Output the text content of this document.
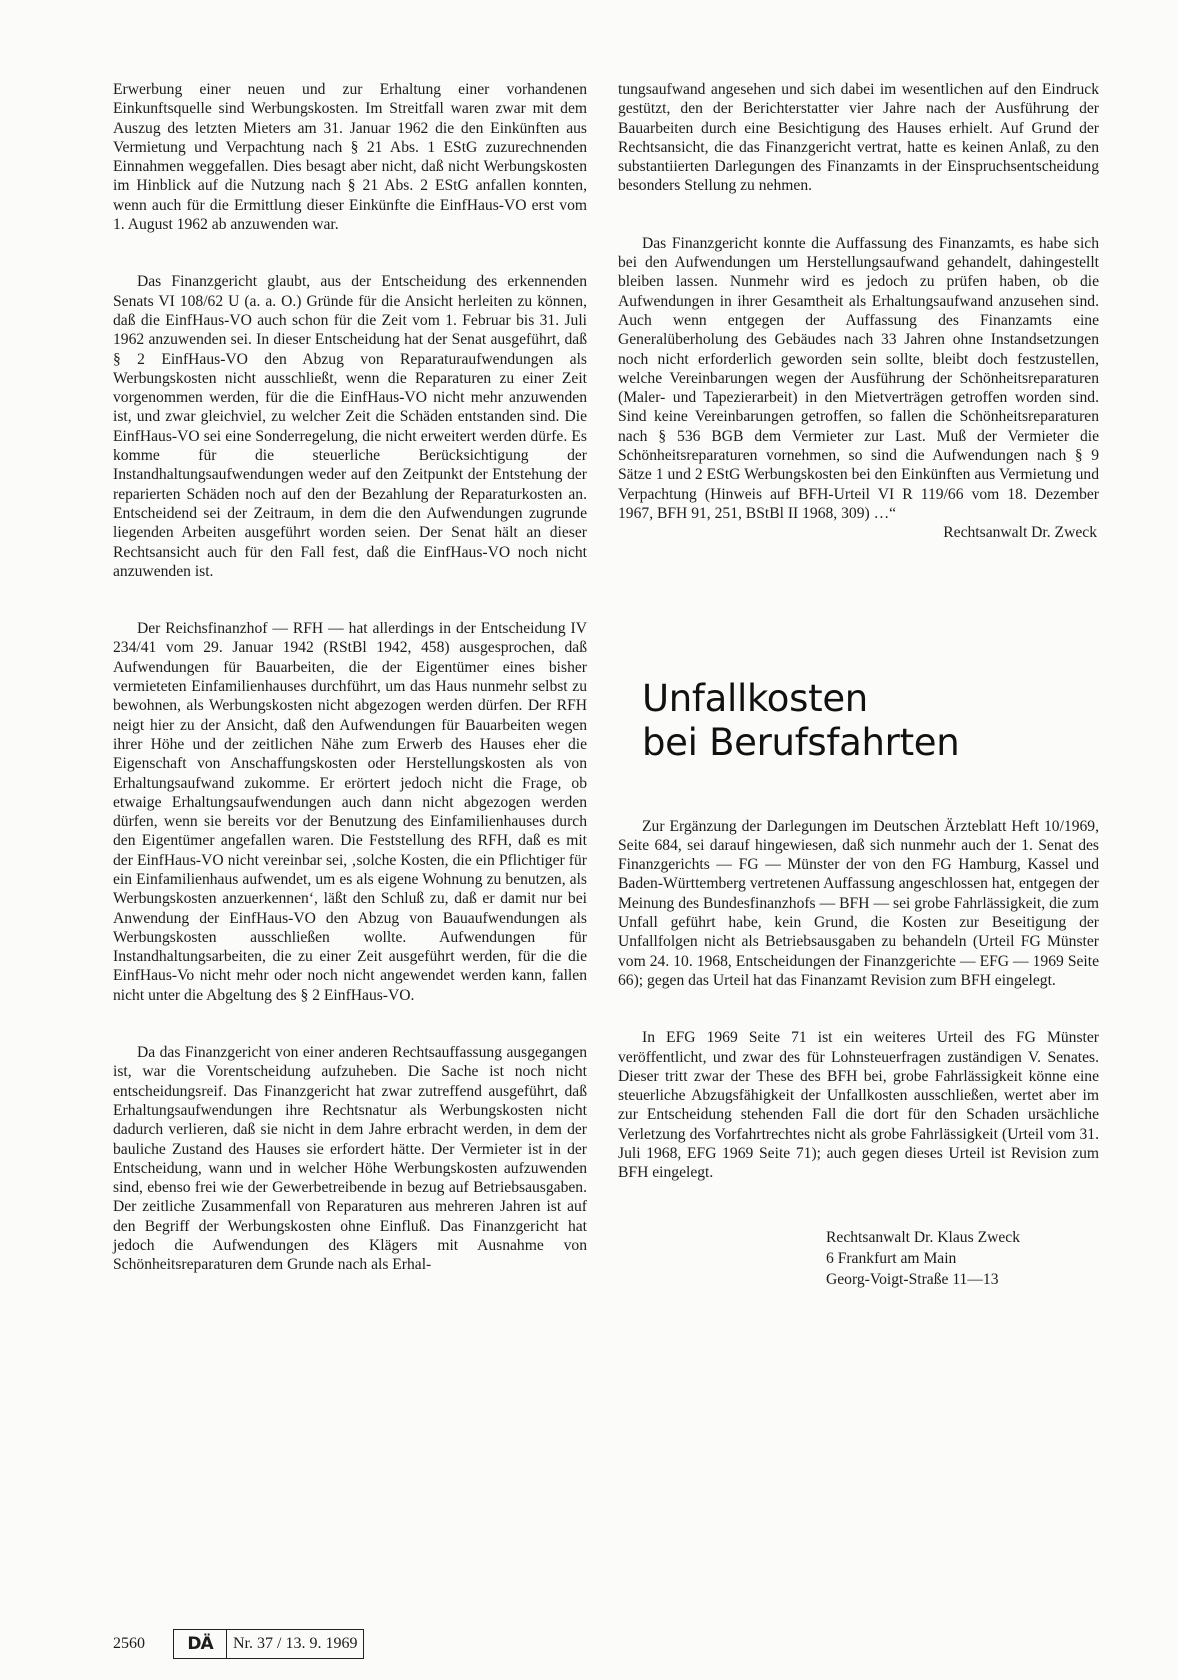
Erwerbung einer neuen und zur Erhaltung einer vorhandenen Einkunftsquelle sind Werbungskosten. Im Streitfall waren zwar mit dem Auszug des letzten Mieters am 31. Januar 1962 die den Einkünften aus Vermietung und Verpachtung nach § 21 Abs. 1 EStG zuzurechnenden Einnahmen weggefallen. Dies besagt aber nicht, daß nicht Werbungskosten im Hinblick auf die Nutzung nach § 21 Abs. 2 EStG anfallen konnten, wenn auch für die Ermittlung dieser Einkünfte die EinfHaus-VO erst vom 1. August 1962 ab anzuwenden war.

Das Finanzgericht glaubt, aus der Entscheidung des erkennenden Senats VI 108/62 U (a. a. O.) Gründe für die Ansicht herleiten zu können, daß die EinfHaus-VO auch schon für die Zeit vom 1. Februar bis 31. Juli 1962 anzuwenden sei. In dieser Entscheidung hat der Senat ausgeführt, daß § 2 EinfHaus-VO den Abzug von Reparaturaufwendungen als Werbungskosten nicht ausschließt, wenn die Reparaturen zu einer Zeit vorgenommen werden, für die die EinfHaus-VO nicht mehr anzuwenden ist, und zwar gleichviel, zu welcher Zeit die Schäden entstanden sind. Die EinfHaus-VO sei eine Sonderregelung, die nicht erweitert werden dürfe. Es komme für die steuerliche Berücksichtigung der Instandhaltungsaufwendungen weder auf den Zeitpunkt der Entstehung der reparierten Schäden noch auf den der Bezahlung der Reparaturkosten an. Entscheidend sei der Zeitraum, in dem die den Aufwendungen zugrunde liegenden Arbeiten ausgeführt worden seien. Der Senat hält an dieser Rechtsansicht auch für den Fall fest, daß die EinfHaus-VO noch nicht anzuwenden ist.

Der Reichsfinanzhof — RFH — hat allerdings in der Entscheidung IV 234/41 vom 29. Januar 1942 (RStBl 1942, 458) ausgesprochen, daß Aufwendungen für Bauarbeiten, die der Eigentümer eines bisher vermieteten Einfamilienhauses durchführt, um das Haus nunmehr selbst zu bewohnen, als Werbungskosten nicht abgezogen werden dürfen. Der RFH neigt hier zu der Ansicht, daß den Aufwendungen für Bauarbeiten wegen ihrer Höhe und der zeitlichen Nähe zum Erwerb des Hauses eher die Eigenschaft von Anschaffungskosten oder Herstellungskosten als von Erhaltungsaufwand zukomme. Er erörtert jedoch nicht die Frage, ob etwaige Erhaltungsaufwendungen auch dann nicht abgezogen werden dürfen, wenn sie bereits vor der Benutzung des Einfamilienhauses durch den Eigentümer angefallen waren. Die Feststellung des RFH, daß es mit der EinfHaus-VO nicht vereinbar sei, ‚solche Kosten, die ein Pflichtiger für ein Einfamilienhaus aufwendet, um es als eigene Wohnung zu benutzen, als Werbungskosten anzuerkennen‘, läßt den Schluß zu, daß er damit nur bei Anwendung der EinfHaus-VO den Abzug von Bauaufwendungen als Werbungskosten ausschließen wollte. Aufwendungen für Instandhaltungsarbeiten, die zu einer Zeit ausgeführt werden, für die die EinfHaus-Vo nicht mehr oder noch nicht angewendet werden kann, fallen nicht unter die Abgeltung des § 2 EinfHaus-VO.

Da das Finanzgericht von einer anderen Rechtsauffassung ausgegangen ist, war die Vorentscheidung aufzuheben. Die Sache ist noch nicht entscheidungsreif. Das Finanzgericht hat zwar zutreffend ausgeführt, daß Erhaltungsaufwendungen ihre Rechtsnatur als Werbungskosten nicht dadurch verlieren, daß sie nicht in dem Jahre erbracht werden, in dem der bauliche Zustand des Hauses sie erfordert hätte. Der Vermieter ist in der Entscheidung, wann und in welcher Höhe Werbungskosten aufzuwenden sind, ebenso frei wie der Gewerbetreibende in bezug auf Betriebsausgaben. Der zeitliche Zusammenfall von Reparaturen aus mehreren Jahren ist auf den Begriff der Werbungskosten ohne Einfluß. Das Finanzgericht hat jedoch die Aufwendungen des Klägers mit Ausnahme von Schönheitsreparaturen dem Grunde nach als Erhal-

tungsaufwand angesehen und sich dabei im wesentlichen auf den Eindruck gestützt, den der Berichterstatter vier Jahre nach der Ausführung der Bauarbeiten durch eine Besichtigung des Hauses erhielt. Auf Grund der Rechtsansicht, die das Finanzgericht vertrat, hatte es keinen Anlaß, zu den substantiierten Darlegungen des Finanzamts in der Einspruchsentscheidung besonders Stellung zu nehmen.

Das Finanzgericht konnte die Auffassung des Finanzamts, es habe sich bei den Aufwendungen um Herstellungsaufwand gehandelt, dahingestellt bleiben lassen. Nunmehr wird es jedoch zu prüfen haben, ob die Aufwendungen in ihrer Gesamtheit als Erhaltungsaufwand anzusehen sind. Auch wenn entgegen der Auffassung des Finanzamts eine Generalüberholung des Gebäudes nach 33 Jahren ohne Instandsetzungen noch nicht erforderlich geworden sein sollte, bleibt doch festzustellen, welche Vereinbarungen wegen der Ausführung der Schönheitsreparaturen (Maler- und Tapezierarbeit) in den Mietverträgen getroffen worden sind. Sind keine Vereinbarungen getroffen, so fallen die Schönheitsreparaturen nach § 536 BGB dem Vermieter zur Last. Muß der Vermieter die Schönheitsreparaturen vornehmen, so sind die Aufwendungen nach § 9 Sätze 1 und 2 EStG Werbungskosten bei den Einkünften aus Vermietung und Verpachtung (Hinweis auf BFH-Urteil VI R 119/66 vom 18. Dezember 1967, BFH 91, 251, BStBl II 1968, 309) …“

Rechtsanwalt Dr. Zweck

Unfallkosten
bei Berufsfahrten

Zur Ergänzung der Darlegungen im Deutschen Ärzteblatt Heft 10/1969, Seite 684, sei darauf hingewiesen, daß sich nunmehr auch der 1. Senat des Finanzgerichts — FG — Münster der von den FG Hamburg, Kassel und Baden-Württemberg vertretenen Auffassung angeschlossen hat, entgegen der Meinung des Bundesfinanzhofs — BFH — sei grobe Fahrlässigkeit, die zum Unfall geführt habe, kein Grund, die Kosten zur Beseitigung der Unfallfolgen nicht als Betriebsausgaben zu behandeln (Urteil FG Münster vom 24. 10. 1968, Entscheidungen der Finanzgerichte — EFG — 1969 Seite 66); gegen das Urteil hat das Finanzamt Revision zum BFH eingelegt.

In EFG 1969 Seite 71 ist ein weiteres Urteil des FG Münster veröffentlicht, und zwar des für Lohnsteuerfragen zuständigen V. Senates. Dieser tritt zwar der These des BFH bei, grobe Fahrlässigkeit könne eine steuerliche Abzugsfähigkeit der Unfallkosten ausschließen, wertet aber im zur Entscheidung stehenden Fall die dort für den Schaden ursächliche Verletzung des Vorfahrtrechtes nicht als grobe Fahrlässigkeit (Urteil vom 31. Juli 1968, EFG 1969 Seite 71); auch gegen dieses Urteil ist Revision zum BFH eingelegt.

Rechtsanwalt Dr. Klaus Zweck
6 Frankfurt am Main
Georg-Voigt-Straße 11—13
2560	DÄ	Nr. 37 / 13. 9. 1969
